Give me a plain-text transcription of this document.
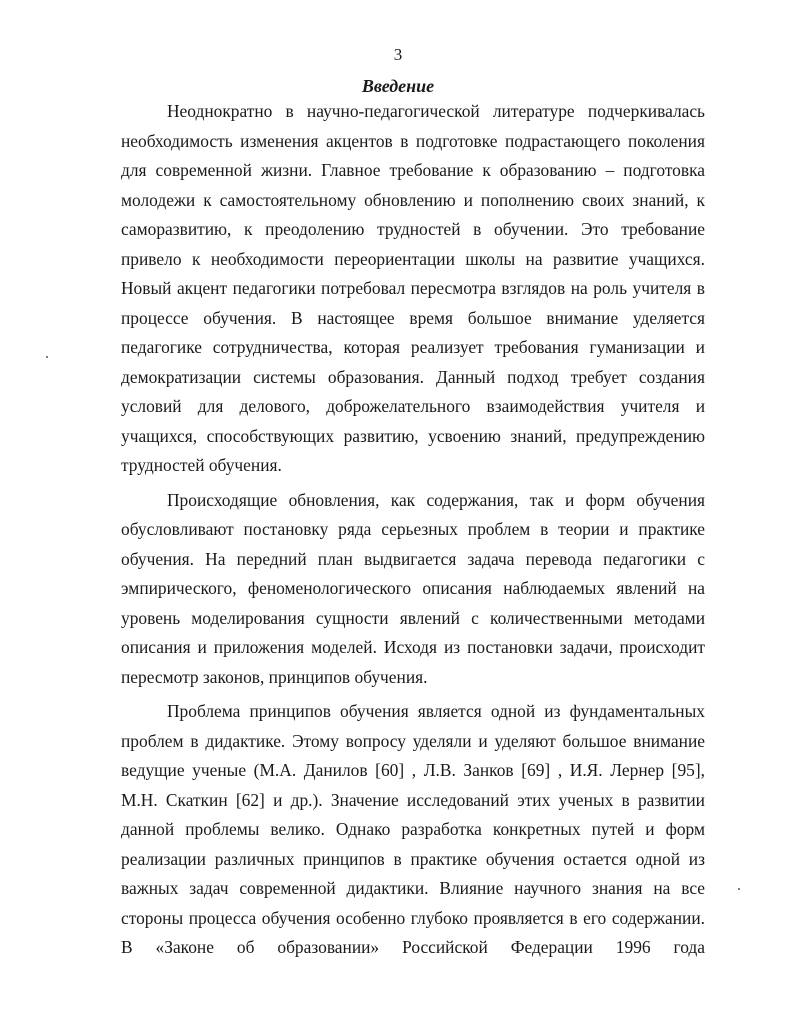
3
Введение

Неоднократно в научно-педагогической литературе подчеркивалась
необходимость изменения акцентов в подготовке подрастающего поколения
для современной жизни. Главное требование к образованию – подготовка
молодежи к самостоятельному обновлению и пополнению своих знаний, к
саморазвитию, к преодолению трудностей в обучении. Это требование
привело к необходимости переориентации школы на развитие учащихся.
Новый акцент педагогики потребовал пересмотра взглядов на роль учителя в
процессе обучения. В настоящее время большое внимание уделяется
педагогике сотрудничества, которая реализует требования гуманизации и
демократизации системы образования. Данный подход требует создания
условий для делового, доброжелательного взаимодействия учителя и
учащихся, способствующих развитию, усвоению знаний, предупреждению
трудностей обучения.

Происходящие обновления, как содержания, так и форм обучения
обусловливают постановку ряда серьезных проблем в теории и практике
обучения. На передний план выдвигается задача перевода педагогики с
эмпирического, феноменологического описания наблюдаемых явлений на
уровень моделирования сущности явлений с количественными методами
описания и приложения моделей. Исходя из постановки задачи, происходит
пересмотр законов, принципов обучения.

Проблема принципов обучения является одной из фундаментальных
проблем в дидактике. Этому вопросу уделяли и уделяют большое внимание
ведущие ученые (М.А. Данилов [60] , Л.В. Занков [69] , И.Я. Лернер [95],
М.Н. Скаткин [62] и др.). Значение исследований этих ученых в развитии
данной проблемы велико. Однако разработка конкретных путей и форм
реализации различных принципов в практике обучения остается одной из
важных задач современной дидактики. Влияние научного знания на все
стороны процесса обучения особенно глубоко проявляется в его содержании.
В «Законе об образовании» Российской Федерации 1996 года
